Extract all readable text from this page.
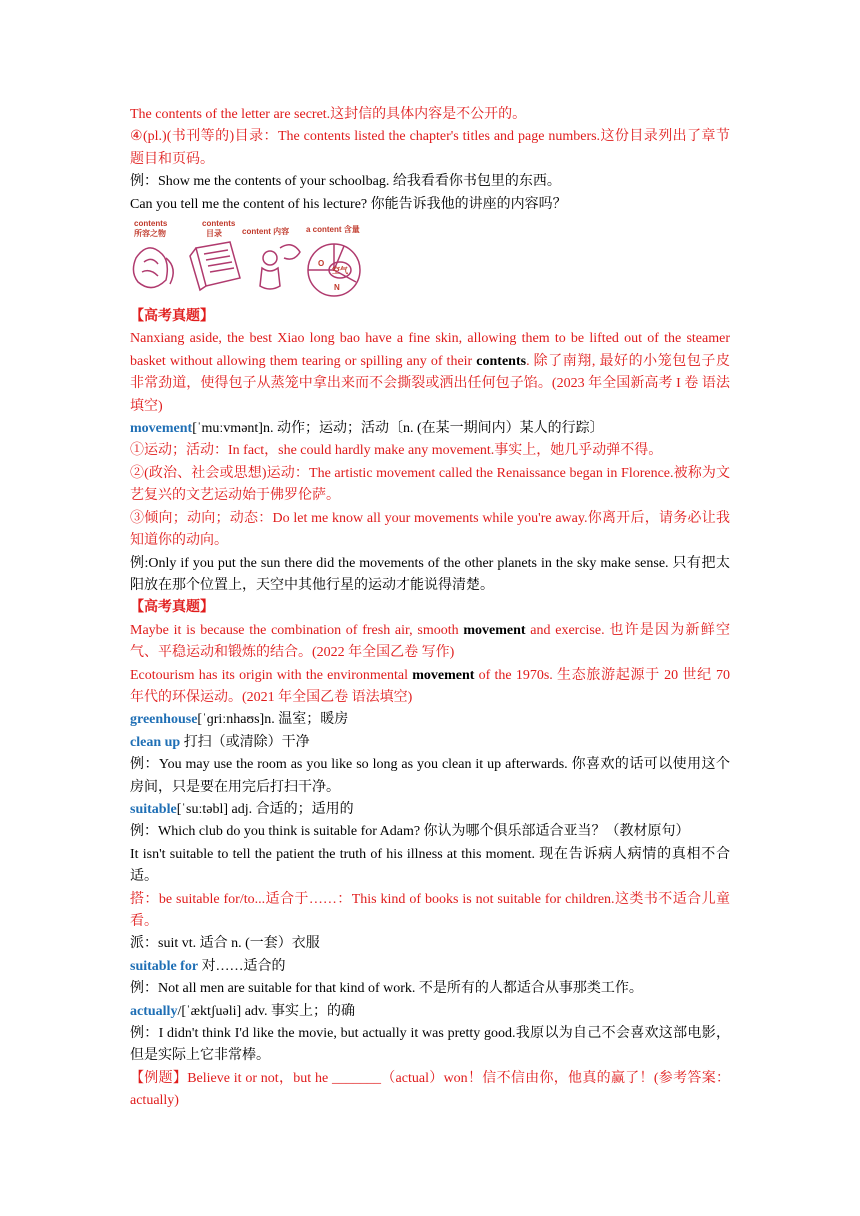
The contents of the letter are secret.这封信的具体内容是不公开的。

④(pl.)(书刊等的)目录：The contents listed the chapter's titles and page numbers.这份目录列出了章节题目和页码。

例：Show me the contents of your schoolbag. 给我看看你书包里的东西。

Can you tell me the content of his lecture? 你能告诉我他的讲座的内容吗？

contents
所容之物
contents
目录	content 内容 a content 含量
O
空气
N

【高考真题】

Nanxiang aside, the best Xiao long bao have a fine skin, allowing them to be lifted out of the steamer basket without allowing them tearing or spilling any of their contents. 除了南翔, 最好的小笼包包子皮非常劲道，使得包子从蒸笼中拿出来而不会撕裂或洒出任何包子馅。(2023 年全国新高考 I 卷 语法填空)

movement[ˈmuːvmənt]n. 动作；运动；活动〔n. (在某一期间内）某人的行踪〕

①运动；活动：In fact，she could hardly make any movement.事实上，她几乎动弹不得。

②(政治、社会或思想)运动：The artistic movement called the Renaissance began in Florence.被称为文艺复兴的文艺运动始于佛罗伦萨。

③倾向；动向；动态：Do let me know all your movements while you're away.你离开后，请务必让我知道你的动向。

例:Only if you put the sun there did the movements of the other planets in the sky make sense. 只有把太阳放在那个位置上，天空中其他行星的运动才能说得清楚。

【高考真题】

Maybe it is because the combination of fresh air, smooth movement and exercise. 也许是因为新鲜空气、平稳运动和锻炼的结合。(2022 年全国乙卷 写作)

Ecotourism has its origin with the environmental movement of the 1970s. 生态旅游起源于 20 世纪 70 年代的环保运动。(2021 年全国乙卷 语法填空)

greenhouse[ˈɡriːnhaʊs]n. 温室；暖房

clean up 打扫（或清除）干净

例：You may use the room as you like so long as you clean it up afterwards. 你喜欢的话可以使用这个房间，只是要在用完后打扫干净。

suitable[ˈsuːtəbl] adj. 合适的；适用的

例：Which club do you think is suitable for Adam? 你认为哪个俱乐部适合亚当？（教材原句）

It isn't suitable to tell the patient the truth of his illness at this moment. 现在告诉病人病情的真相不合适。

搭：be suitable for/to...适合于……：This kind of books is not suitable for children.这类书不适合儿童看。

派：suit vt. 适合 n. (一套）衣服

suitable for 对……适合的

例：Not all men are suitable for that kind of work. 不是所有的人都适合从事那类工作。

actually/[ˈæktʃuəli] adv. 事实上；的确

例：I didn't think I'd like the movie, but actually it was pretty good.我原以为自己不会喜欢这部电影，但是实际上它非常棒。

【例题】Believe it or not，but he _______（actual）won！信不信由你，他真的赢了！(参考答案：actually)
